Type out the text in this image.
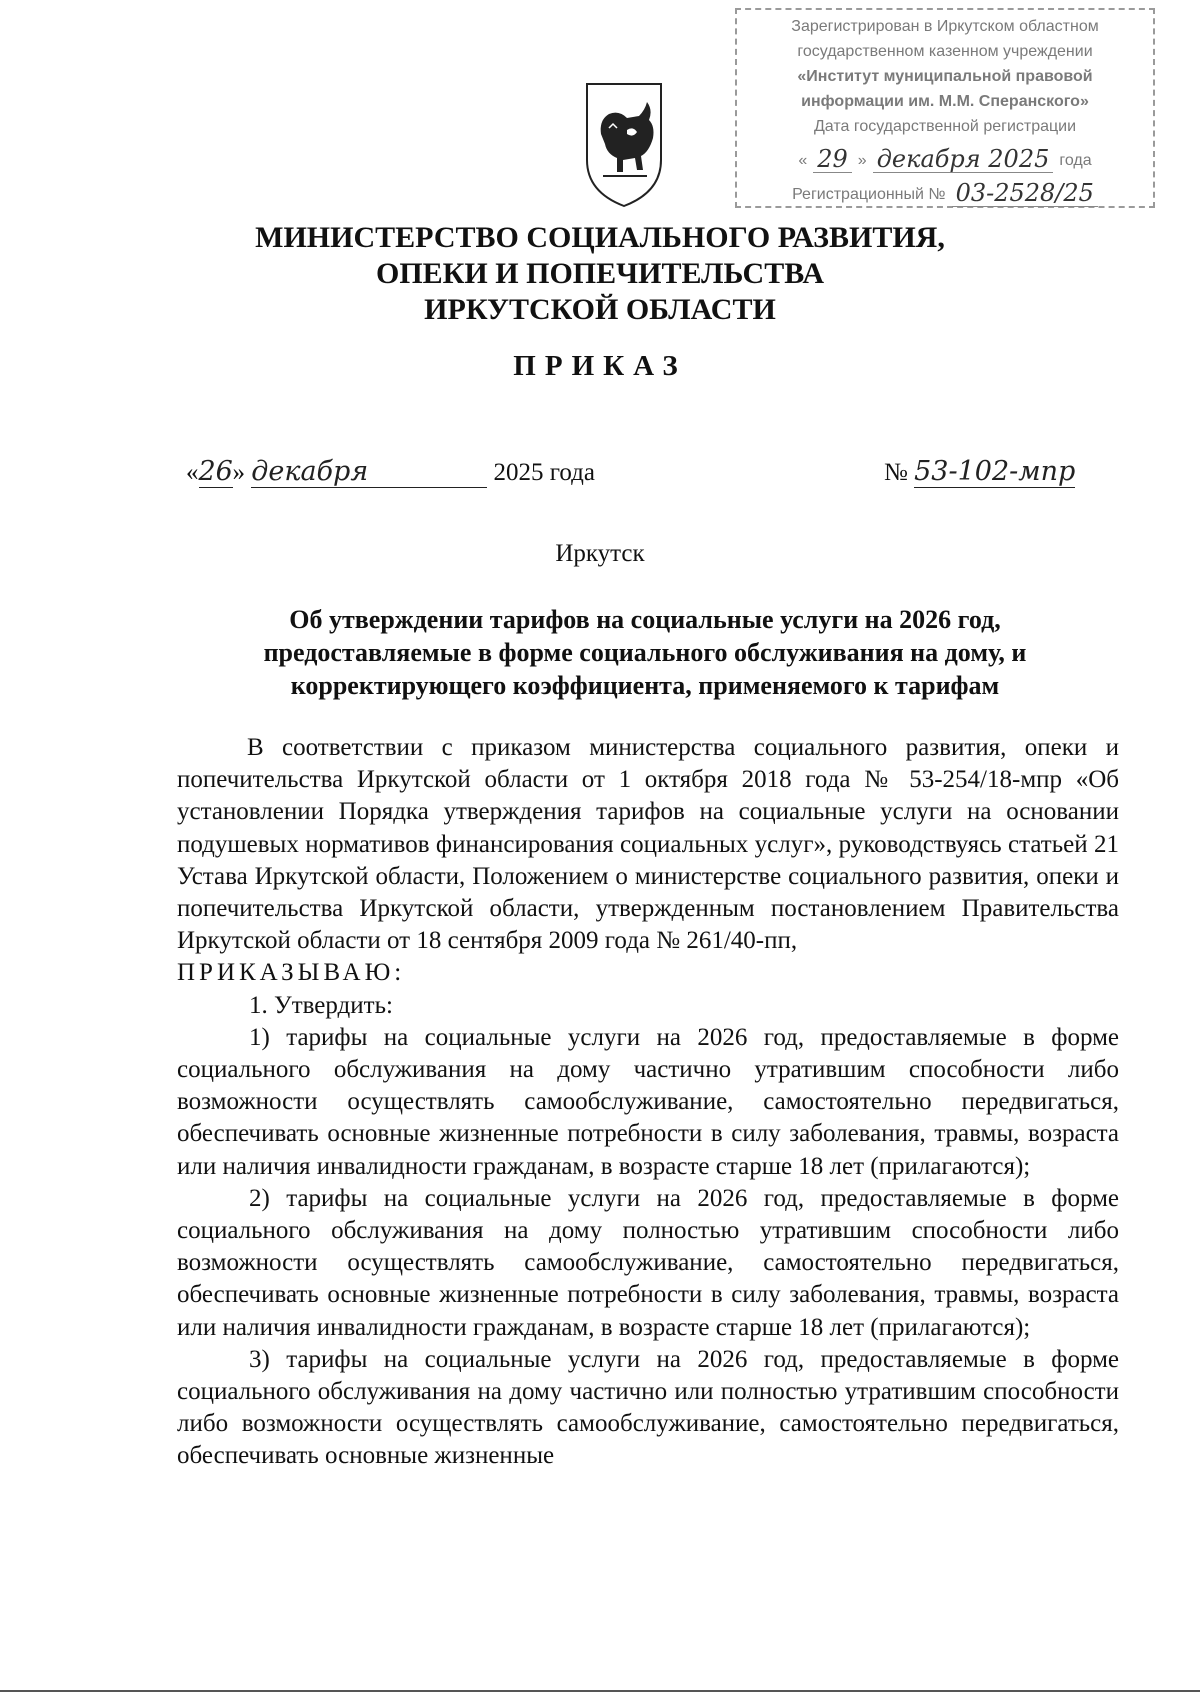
Зарегистрирован в Иркутском областном
государственном казенном учреждении
«Институт муниципальной правовой
информации им. М.М. Сперанского»
Дата государственной регистрации
« 29 » декабря 2025 года
Регистрационный № 03-2528/25
МИНИСТЕРСТВО СОЦИАЛЬНОГО РАЗВИТИЯ,
ОПЕКИ И ПОПЕЧИТЕЛЬСТВА
ИРКУТСКОЙ ОБЛАСТИ
ПРИКАЗ
«26» декабря	2025 года	№ 53-102-мпр
Иркутск
Об утверждении тарифов на социальные услуги на 2026 год,
предоставляемые в форме социального обслуживания на дому, и
корректирующего коэффициента, применяемого к тарифам

В соответствии с приказом министерства социального развития, опеки и попечительства Иркутской области от 1 октября 2018 года № 53-254/18-мпр «Об установлении Порядка утверждения тарифов на социальные услуги на основании подушевых нормативов финансирования социальных услуг», руководствуясь статьей 21 Устава Иркутской области, Положением о министерстве социального развития, опеки и попечительства Иркутской области, утвержденным постановлением Правительства Иркутской области от 18 сентября 2009 года № 261/40-пп,

ПРИКАЗЫВАЮ:

1. Утвердить:

1) тарифы на социальные услуги на 2026 год, предоставляемые в форме социального обслуживания на дому частично утратившим способности либо возможности осуществлять самообслуживание, самостоятельно передвигаться, обеспечивать основные жизненные потребности в силу заболевания, травмы, возраста или наличия инвалидности гражданам, в возрасте старше 18 лет (прилагаются);

2) тарифы на социальные услуги на 2026 год, предоставляемые в форме социального обслуживания на дому полностью утратившим способности либо возможности осуществлять самообслуживание, самостоятельно передвигаться, обеспечивать основные жизненные потребности в силу заболевания, травмы, возраста или наличия инвалидности гражданам, в возрасте старше 18 лет (прилагаются);

3) тарифы на социальные услуги на 2026 год, предоставляемые в форме социального обслуживания на дому частично или полностью утратившим способности либо возможности осуществлять самообслуживание, самостоятельно передвигаться, обеспечивать основные жизненные
